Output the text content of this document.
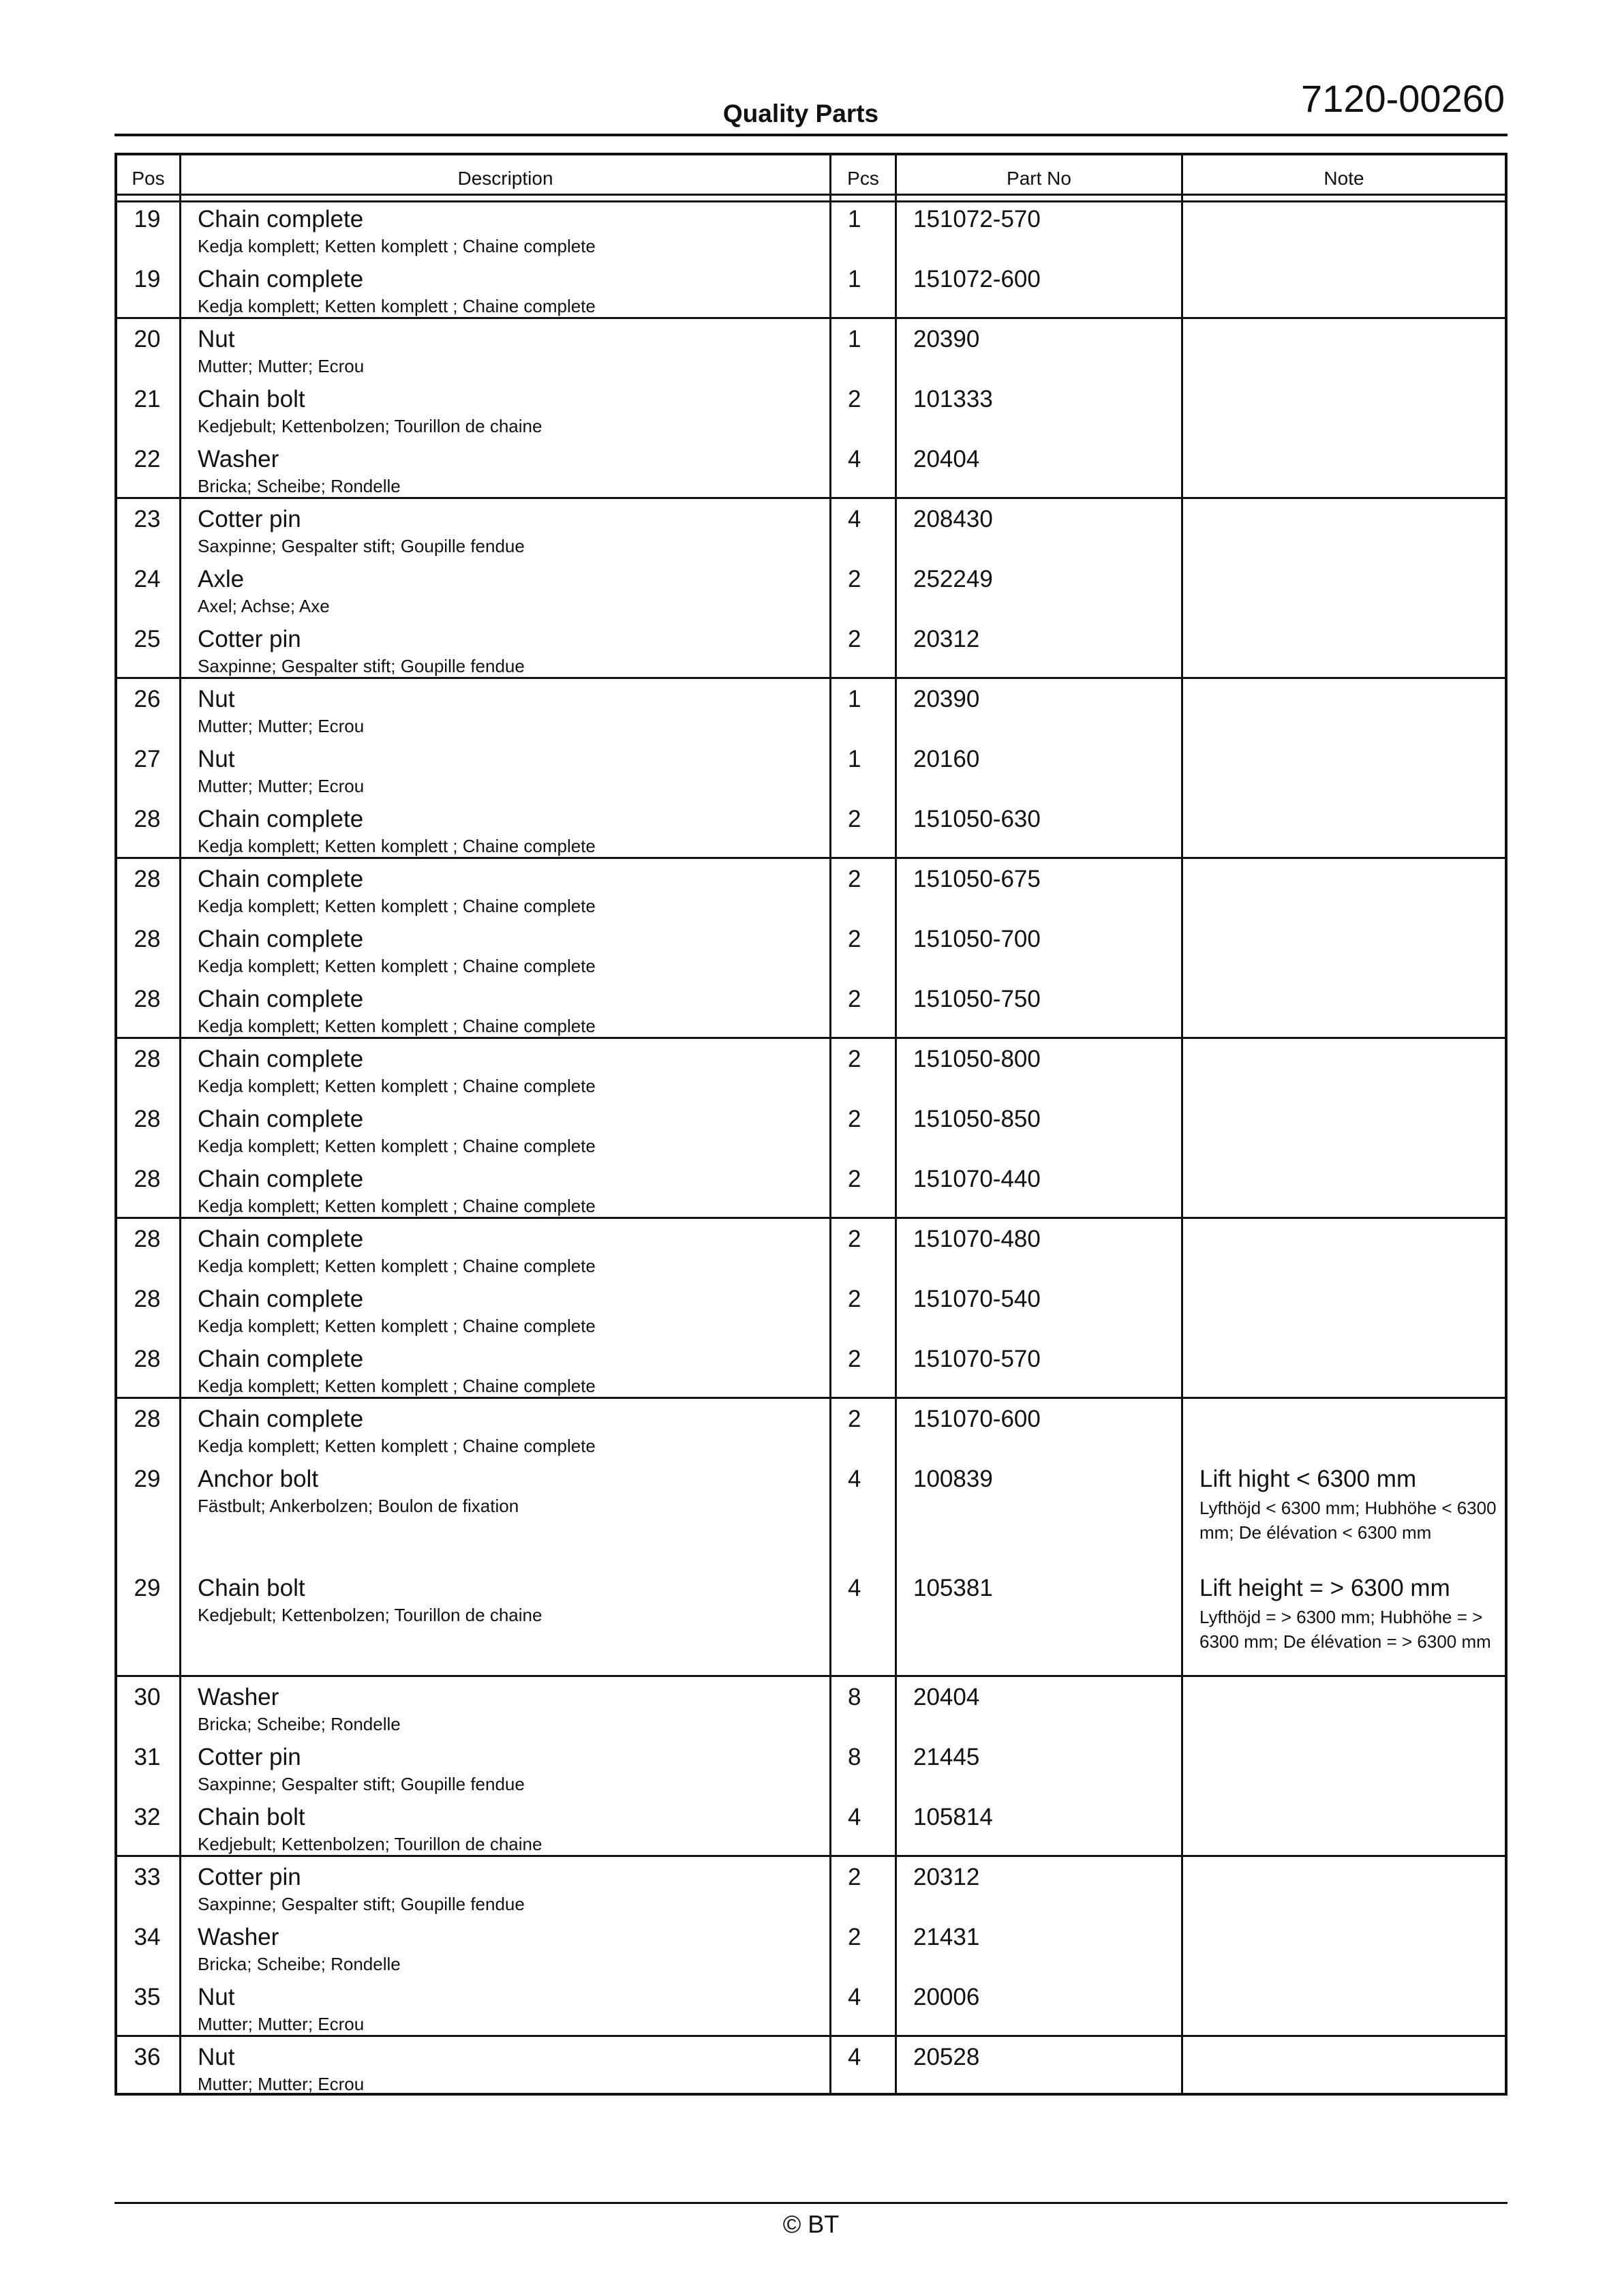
Quality Parts	7120-00260
Pos	Description	Pcs	Part No	Note
19	Chain complete
Kedja komplett; Ketten komplett ; Chaine complete
1 151072-570
19	Chain complete
Kedja komplett; Ketten komplett ; Chaine complete
1 151072-600
20	Nut
Mutter; Mutter; Ecrou
1 20390
21	Chain bolt
Kedjebult; Kettenbolzen; Tourillon de chaine
2 101333
22	Washer
Bricka; Scheibe; Rondelle
4 20404
23	Cotter pin
Saxpinne; Gespalter stift; Goupille fendue
4 208430
24	Axle
Axel; Achse; Axe
2 252249
25	Cotter pin
Saxpinne; Gespalter stift; Goupille fendue
2 20312
26	Nut
Mutter; Mutter; Ecrou
1 20390
27	Nut
Mutter; Mutter; Ecrou
1 20160
28	Chain complete
Kedja komplett; Ketten komplett ; Chaine complete
2 151050-630
28	Chain complete
Kedja komplett; Ketten komplett ; Chaine complete
2 151050-675
28	Chain complete
Kedja komplett; Ketten komplett ; Chaine complete
2 151050-700
28	Chain complete
Kedja komplett; Ketten komplett ; Chaine complete
2 151050-750
28	Chain complete
Kedja komplett; Ketten komplett ; Chaine complete
2 151050-800
28	Chain complete
Kedja komplett; Ketten komplett ; Chaine complete
2 151050-850
28	Chain complete
Kedja komplett; Ketten komplett ; Chaine complete
2 151070-440
28	Chain complete
Kedja komplett; Ketten komplett ; Chaine complete
2 151070-480
28	Chain complete
Kedja komplett; Ketten komplett ; Chaine complete
2 151070-540
28	Chain complete
Kedja komplett; Ketten komplett ; Chaine complete
2 151070-570
28	Chain complete
Kedja komplett; Ketten komplett ; Chaine complete
2 151070-600
29	Anchor bolt
Fästbult; Ankerbolzen; Boulon de fixation
4 100839	Lift hight < 6300 mm
Lyfthöjd < 6300 mm; Hubhöhe < 6300 mm; De élévation < 6300 mm
29	Chain bolt
Kedjebult; Kettenbolzen; Tourillon de chaine
4 105381	Lift height = > 6300 mm
Lyfthöjd = > 6300 mm; Hubhöhe = > 6300 mm; De élévation = > 6300 mm
30	Washer
Bricka; Scheibe; Rondelle
8 20404
31	Cotter pin
Saxpinne; Gespalter stift; Goupille fendue
8 21445
32	Chain bolt
Kedjebult; Kettenbolzen; Tourillon de chaine
4 105814
33	Cotter pin
Saxpinne; Gespalter stift; Goupille fendue
2 20312
34	Washer
Bricka; Scheibe; Rondelle
2 21431
35	Nut
Mutter; Mutter; Ecrou
4 20006
36	Nut
Mutter; Mutter; Ecrou
4 20528
© BT
